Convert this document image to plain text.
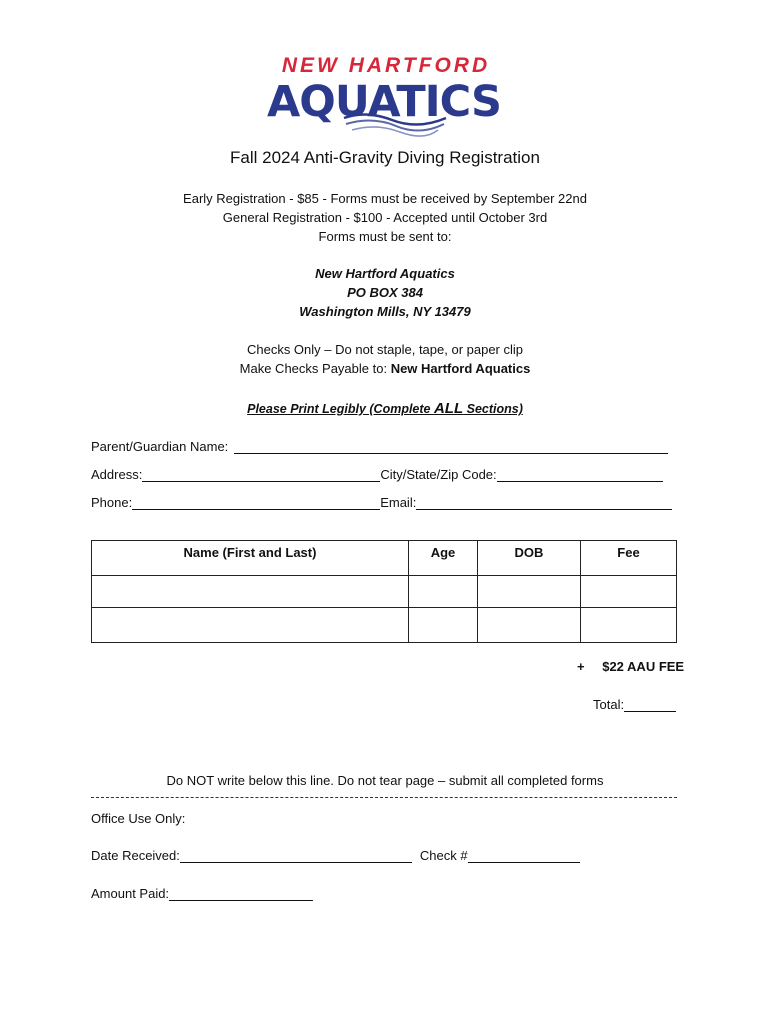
NEW HARTFORD
AQUATICS
Fall 2024 Anti-Gravity Diving Registration
Early Registration - $85 - Forms must be received by September 22nd
General Registration - $100 - Accepted until October 3rd
Forms must be sent to:
New Hartford Aquatics
PO BOX 384
Washington Mills, NY 13479
Checks Only – Do not staple, tape, or paper clip
Make Checks Payable to: New Hartford Aquatics
Please Print Legibly (Complete ALL Sections)
Parent/Guardian Name:
Address:	City/State/Zip Code:
Phone:	Email:
Name (First and Last)	Age	DOB	Fee

+ $22 AAU FEE
Total:
Do NOT write below this line. Do not tear page – submit all completed forms
Office Use Only:
Date Received:	Check #
Amount Paid:
